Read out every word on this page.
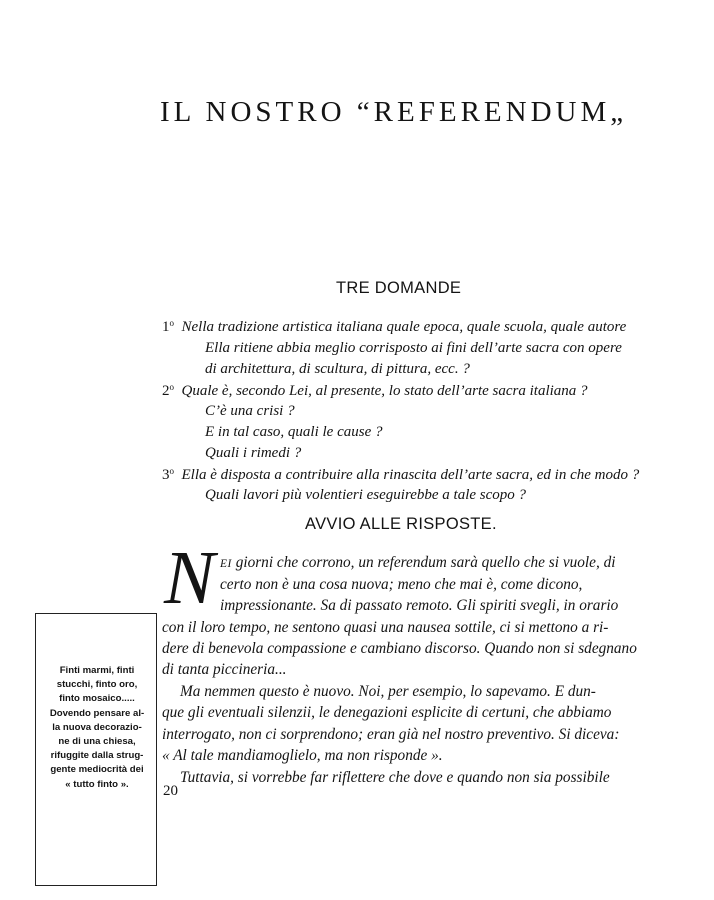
IL NOSTRO “REFERENDUM„
TRE DOMANDE
1$^o$ Nella tradizione artistica italiana quale epoca, quale scuola, quale autore
Ella ritiene abbia meglio corrisposto ai fini dell’arte sacra con opere
di architettura, di scultura, di pittura, ecc. ?
2$^o$ Quale è, secondo Lei, al presente, lo stato dell’arte sacra italiana ?
C’è una crisi ?
E in tal caso, quali le cause ?
Quali i rimedi ?
3$^o$ Ella è disposta a contribuire alla rinascita dell’arte sacra, ed in che modo ?
Quali lavori più volentieri eseguirebbe a tale scopo ?
AVVIO ALLE RISPOSTE.
N EI giorni che corrono, un referendum sarà quello che si vuole, di
certo non è una cosa nuova; meno che mai è, come dicono,
impressionante. Sa di passato remoto. Gli spiriti svegli, in orario
con il loro tempo, ne sentono quasi una nausea sottile, ci si mettono a ri-
dere di benevola compassione e cambiano discorso. Quando non si sdegnano
di tanta piccineria...
Ma nemmen questo è nuovo. Noi, per esempio, lo sapevamo. E dun-
que gli eventuali silenzii, le denegazioni esplicite di certuni, che abbiamo
interrogato, non ci sorprendono; eran già nel nostro preventivo. Si diceva:
« Al tale mandiamoglielo, ma non risponde ».
Tuttavia, si vorrebbe far riflettere che dove e quando non sia possibile
Finti marmi, finti
stucchi, finto oro,
finto mosaico.....
Dovendo pensare al-
la nuova decorazio-
ne di una chiesa,
rifuggite dalla strug-
gente mediocrità dei
« tutto finto ».	20
